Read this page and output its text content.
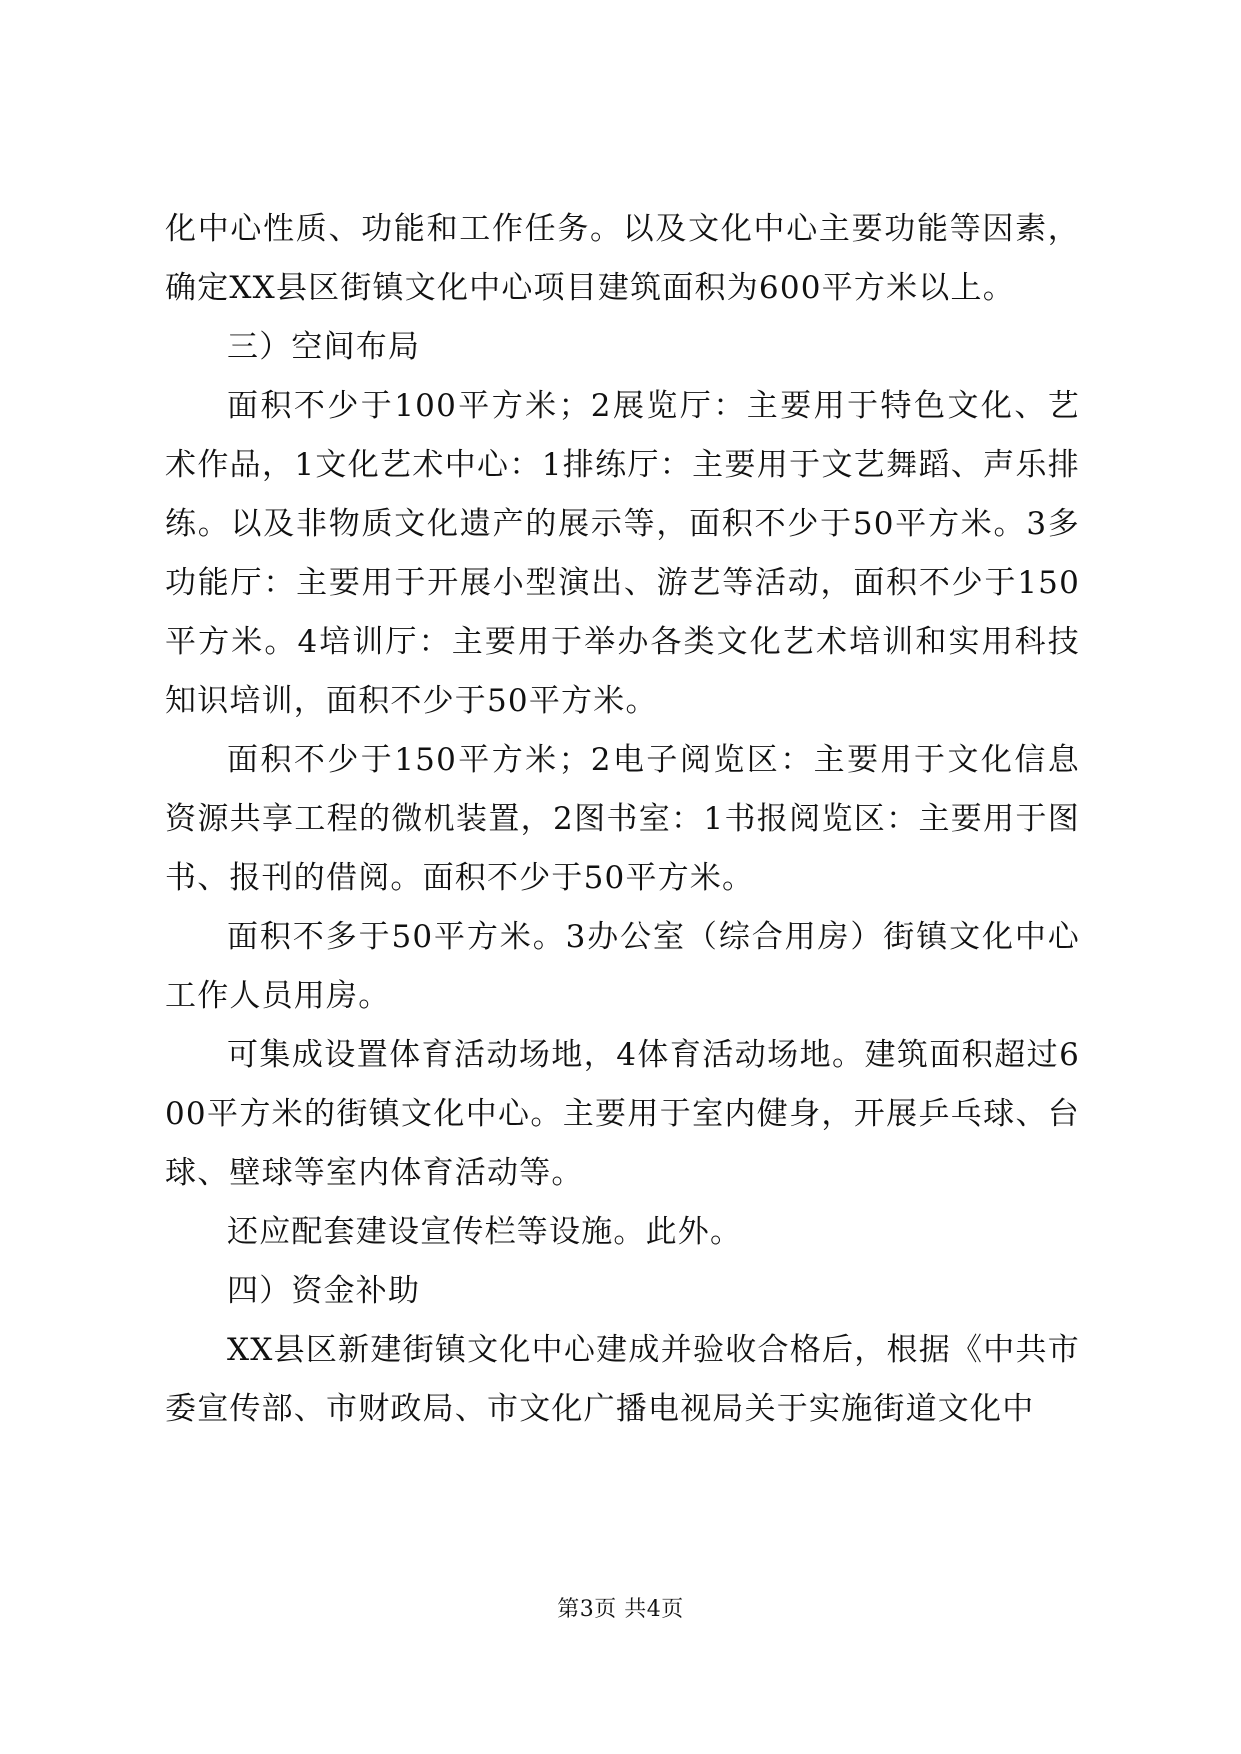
化中心性质、功能和工作任务。以及文化中心主要功能等因素，确定XX县区街镇文化中心项目建筑面积为600平方米以上。

三）空间布局

面积不少于100平方米；2展览厅：主要用于特色文化、艺术作品，1文化艺术中心：1排练厅：主要用于文艺舞蹈、声乐排练。以及非物质文化遗产的展示等，面积不少于50平方米。3多功能厅：主要用于开展小型演出、游艺等活动，面积不少于150平方米。4培训厅：主要用于举办各类文化艺术培训和实用科技知识培训，面积不少于50平方米。

面积不少于150平方米；2电子阅览区：主要用于文化信息资源共享工程的微机装置，2图书室：1书报阅览区：主要用于图书、报刊的借阅。面积不少于50平方米。

面积不多于50平方米。3办公室（综合用房）街镇文化中心工作人员用房。

可集成设置体育活动场地，4体育活动场地。建筑面积超过600平方米的街镇文化中心。主要用于室内健身，开展乒乓球、台球、壁球等室内体育活动等。

还应配套建设宣传栏等设施。此外。

四）资金补助

XX县区新建街镇文化中心建成并验收合格后，根据《中共市委宣传部、市财政局、市文化广播电视局关于实施街道文化中

第3页 共4页
